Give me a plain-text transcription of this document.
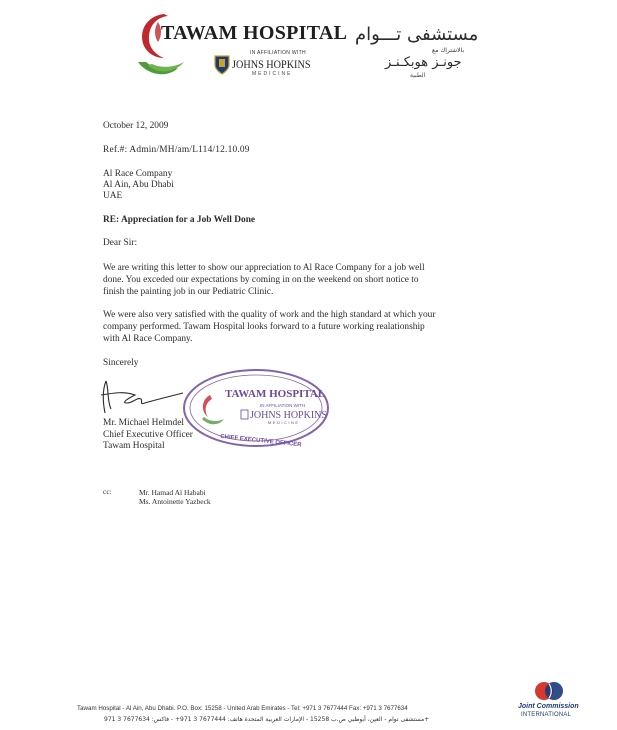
TAWAM HOSPITAL
IN AFFILIATION WITH
JOHNS HOPKINS
MEDICINE
مستشفى تـــوام
بالاشتراك مع
جونـز هوبكـنـز
الطبية
October 12, 2009
Ref.#: Admin/MH/am/L114/12.10.09
Al Race Company
Al Ain, Abu Dhabi
UAE
RE: Appreciation for a Job Well Done
Dear Sir:
We are writing this letter to show our appreciation to Al Race Company for a job well
done. You exceded our expectations by coming in on the weekend on short notice to
finish the painting job in our Pediatric Clinic.
We were also very satisfied with the quality of work and the high standard at which your
company performed. Tawam Hospital looks forward to a future working realationship
with Al Race Company.
Sincerely
TAWAM HOSPITAL
IN AFFILIATION WITH
JOHNS HOPKINS
MEDICINE
CHIEF EXECUTIVE OFFICER
Mr. Michael Helmdel
Chief Executive Officer
Tawam Hospital
cc:	Mr. Hamad Al Hababi
Ms. Antoinette Yazbeck
Tawam Hospital - Al Ain, Abu Dhabi. P.O. Box: 15258 - United Arab Emirates - Tel: +971 3 7677444 Fax: +971 3 7677634
مستشفى توام - العين، أبوظبي ص.ب 15258 - الإمارات العربية المتحدة هاتف: 7677444 3 971+ - فاكس: 7677634 3 971+
Joint Commission
INTERNATIONAL
